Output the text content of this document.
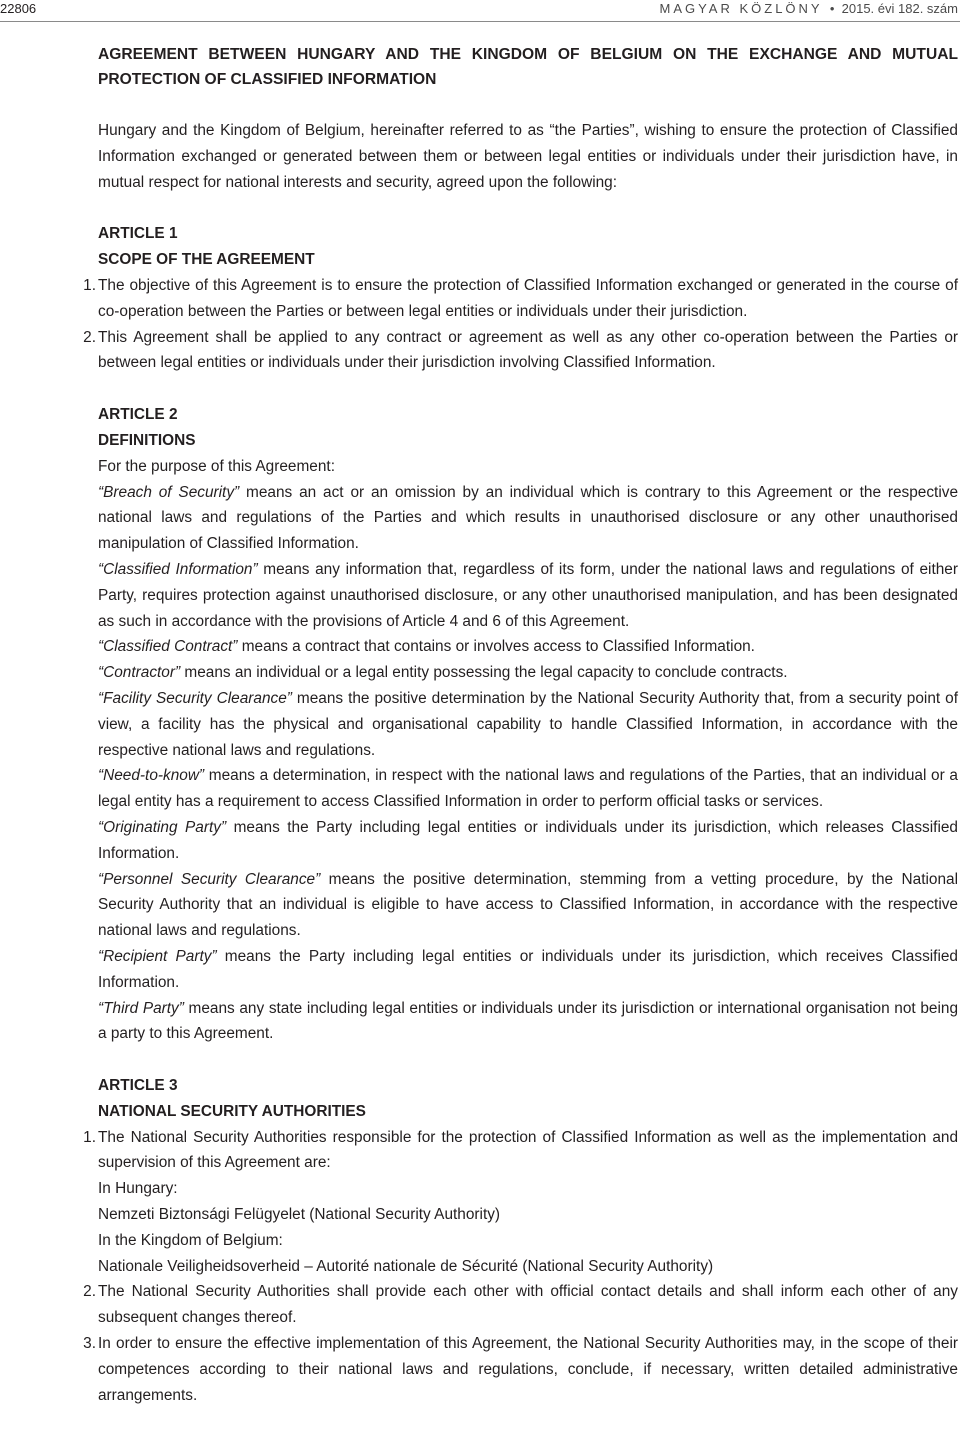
22806	MAGYAR KÖZLÖNY • 2015. évi 182. szám

AGREEMENT BETWEEN HUNGARY AND THE KINGDOM OF BELGIUM ON THE EXCHANGE AND MUTUAL PROTECTION OF CLASSIFIED INFORMATION

Hungary and the Kingdom of Belgium, hereinafter referred to as “the Parties”, wishing to ensure the protection of Classified Information exchanged or generated between them or between legal entities or individuals under their jurisdiction have, in mutual respect for national interests and security, agreed upon the following:

ARTICLE 1

SCOPE OF THE AGREEMENT

1. The objective of this Agreement is to ensure the protection of Classified Information exchanged or generated in the course of co-operation between the Parties or between legal entities or individuals under their jurisdiction.
2. This Agreement shall be applied to any contract or agreement as well as any other co-operation between the Parties or between legal entities or individuals under their jurisdiction involving Classified Information.

ARTICLE 2

DEFINITIONS

For the purpose of this Agreement:

“Breach of Security” means an act or an omission by an individual which is contrary to this Agreement or the respective national laws and regulations of the Parties and which results in unauthorised disclosure or any other unauthorised manipulation of Classified Information.

“Classified Information” means any information that, regardless of its form, under the national laws and regulations of either Party, requires protection against unauthorised disclosure, or any other unauthorised manipulation, and has been designated as such in accordance with the provisions of Article 4 and 6 of this Agreement.

“Classified Contract” means a contract that contains or involves access to Classified Information.

“Contractor” means an individual or a legal entity possessing the legal capacity to conclude contracts.

“Facility Security Clearance” means the positive determination by the National Security Authority that, from a security point of view, a facility has the physical and organisational capability to handle Classified Information, in accordance with the respective national laws and regulations.

“Need-to-know” means a determination, in respect with the national laws and regulations of the Parties, that an individual or a legal entity has a requirement to access Classified Information in order to perform official tasks or services.

“Originating Party” means the Party including legal entities or individuals under its jurisdiction, which releases Classified Information.

“Personnel Security Clearance” means the positive determination, stemming from a vetting procedure, by the National Security Authority that an individual is eligible to have access to Classified Information, in accordance with the respective national laws and regulations.

“Recipient Party” means the Party including legal entities or individuals under its jurisdiction, which receives Classified Information.

“Third Party” means any state including legal entities or individuals under its jurisdiction or international organisation not being a party to this Agreement.

ARTICLE 3

NATIONAL SECURITY AUTHORITIES

1. The National Security Authorities responsible for the protection of Classified Information as well as the implementation and supervision of this Agreement are:

In Hungary:

Nemzeti Biztonsági Felügyelet (National Security Authority)

In the Kingdom of Belgium:

Nationale Veiligheidsoverheid – Autorité nationale de Sécurité (National Security Authority)

2. The National Security Authorities shall provide each other with official contact details and shall inform each other of any subsequent changes thereof.
3. In order to ensure the effective implementation of this Agreement, the National Security Authorities may, in the scope of their competences according to their national laws and regulations, conclude, if necessary, written detailed administrative arrangements.
